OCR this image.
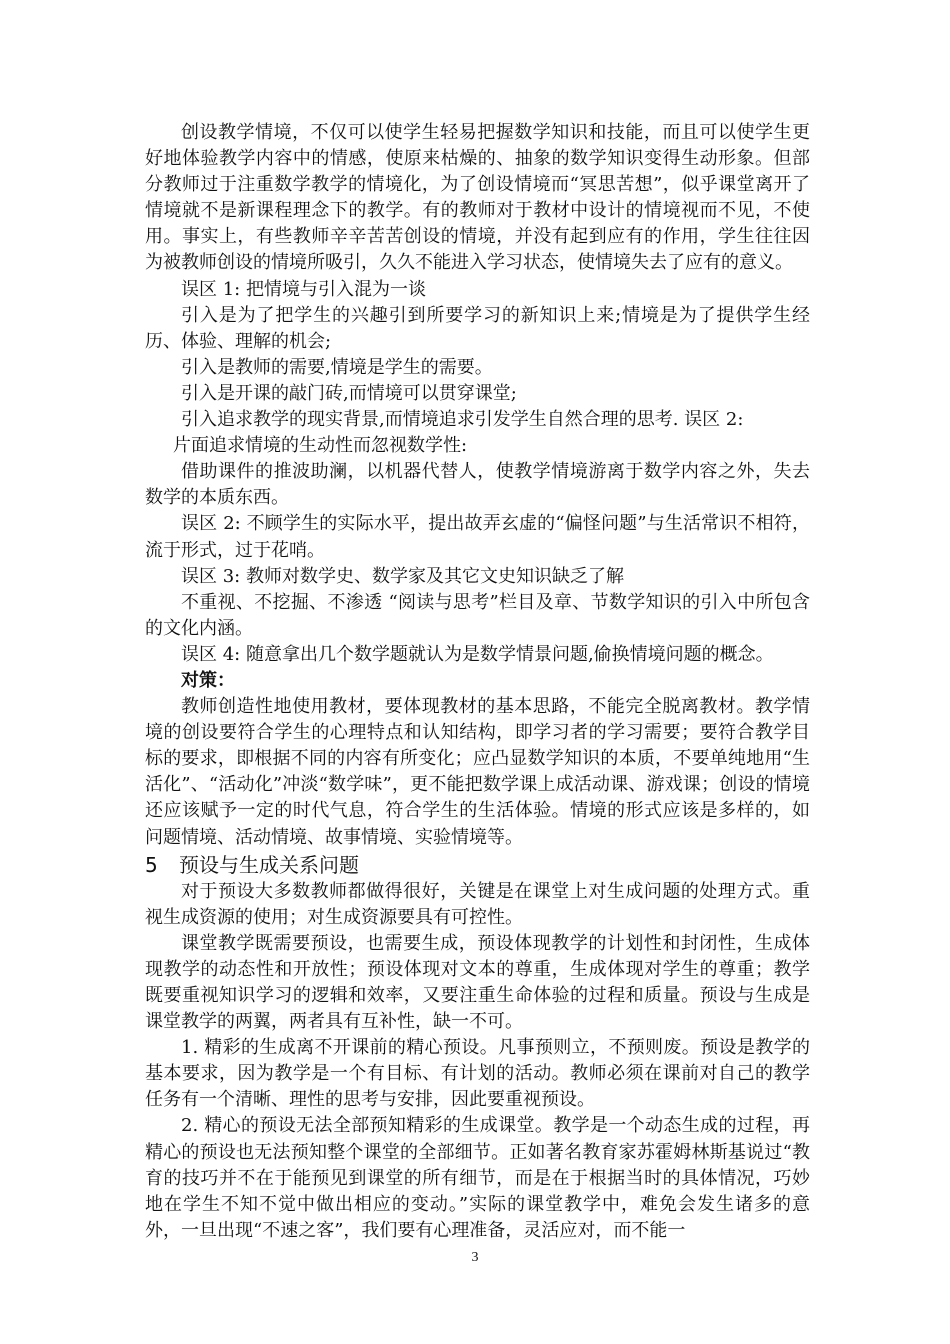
创设教学情境，不仅可以使学生轻易把握数学知识和技能，而且可以使学生更好地体验教学内容中的情感，使原来枯燥的、抽象的数学知识变得生动形象。但部分教师过于注重数学教学的情境化，为了创设情境而“冥思苦想”，似乎课堂离开了情境就不是新课程理念下的教学。有的教师对于教材中设计的情境视而不见，不使用。事实上，有些教师辛辛苦苦创设的情境，并没有起到应有的作用，学生往往因为被教师创设的情境所吸引，久久不能进入学习状态，使情境失去了应有的意义。

误区 1: 把情境与引入混为一谈

引入是为了把学生的兴趣引到所要学习的新知识上来;情境是为了提供学生经历、体验、理解的机会;

引入是教师的需要,情境是学生的需要。

引入是开课的敲门砖,而情境可以贯穿课堂;

引入追求教学的现实背景,而情境追求引发学生自然合理的思考. 误区 2:

片面追求情境的生动性而忽视数学性:

借助课件的推波助澜，以机器代替人，使教学情境游离于数学内容之外，失去数学的本质东西。

误区 2: 不顾学生的实际水平，提出故弄玄虚的“偏怪问题”与生活常识不相符，流于形式，过于花哨。

误区 3: 教师对数学史、数学家及其它文史知识缺乏了解

不重视、不挖掘、不渗透 “阅读与思考”栏目及章、节数学知识的引入中所包含的文化内涵。

误区 4: 随意拿出几个数学题就认为是数学情景问题,偷换情境问题的概念。

对策：

教师创造性地使用教材，要体现教材的基本思路，不能完全脱离教材。教学情境的创设要符合学生的心理特点和认知结构，即学习者的学习需要；要符合教学目标的要求，即根据不同的内容有所变化；应凸显数学知识的本质，不要单纯地用“生活化”、“活动化”冲淡“数学味”，更不能把数学课上成活动课、游戏课；创设的情境还应该赋予一定的时代气息，符合学生的生活体验。情境的形式应该是多样的，如问题情境、活动情境、故事情境、实验情境等。

5 预设与生成关系问题

对于预设大多数教师都做得很好，关键是在课堂上对生成问题的处理方式。重视生成资源的使用；对生成资源要具有可控性。

课堂教学既需要预设，也需要生成，预设体现教学的计划性和封闭性，生成体现教学的动态性和开放性；预设体现对文本的尊重，生成体现对学生的尊重；教学既要重视知识学习的逻辑和效率，又要注重生命体验的过程和质量。预设与生成是课堂教学的两翼，两者具有互补性，缺一不可。

1. 精彩的生成离不开课前的精心预设。凡事预则立，不预则废。预设是教学的基本要求，因为教学是一个有目标、有计划的活动。教师必须在课前对自己的教学任务有一个清晰、理性的思考与安排，因此要重视预设。

2. 精心的预设无法全部预知精彩的生成课堂。教学是一个动态生成的过程，再精心的预设也无法预知整个课堂的全部细节。正如著名教育家苏霍姆林斯基说过“教育的技巧并不在于能预见到课堂的所有细节，而是在于根据当时的具体情况，巧妙地在学生不知不觉中做出相应的变动。”实际的课堂教学中，难免会发生诸多的意外，一旦出现“不速之客”，我们要有心理准备，灵活应对，而不能一

3
